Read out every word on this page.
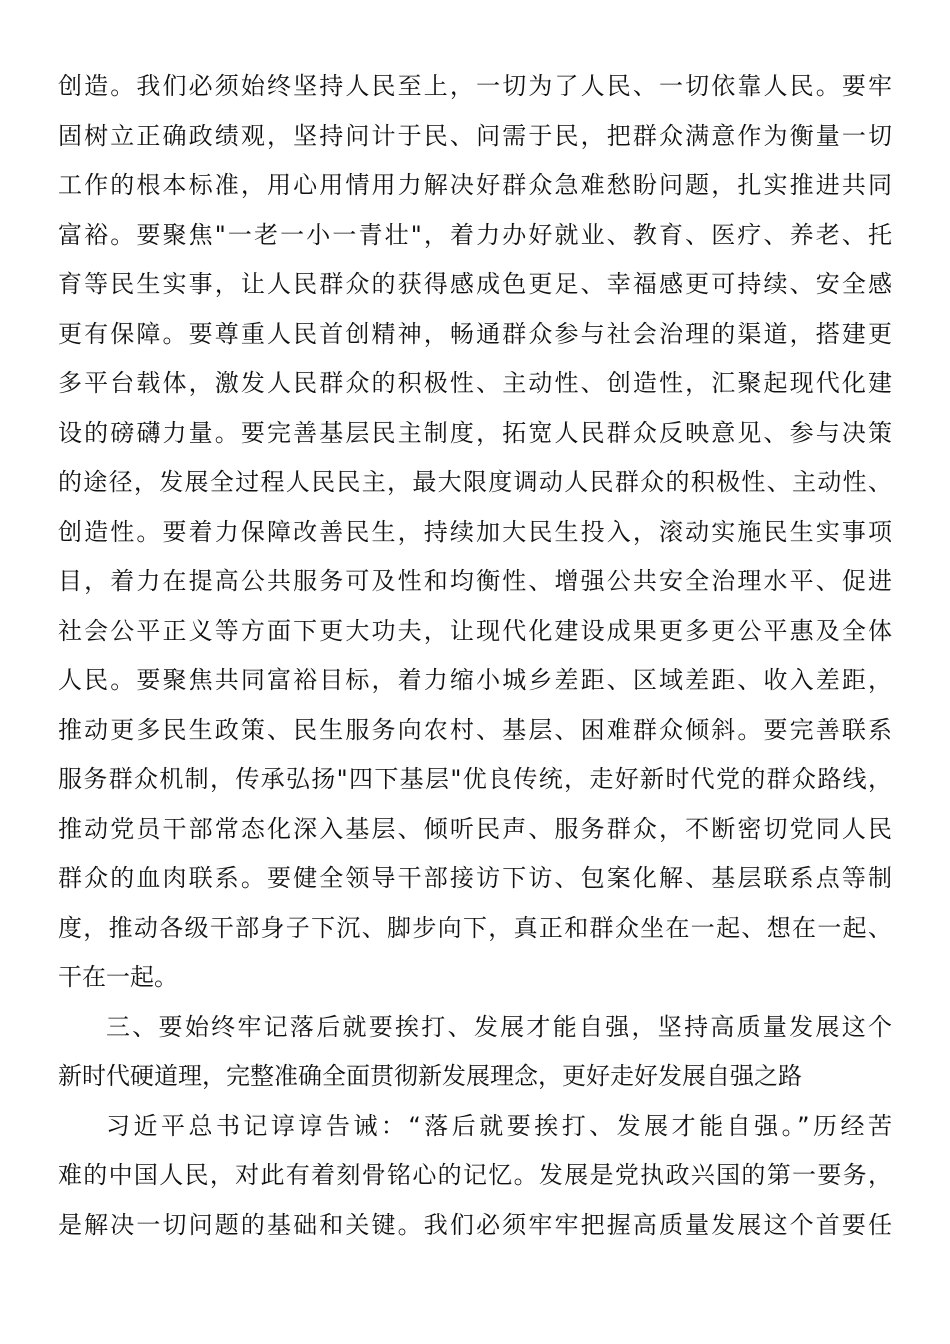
创造。我们必须始终坚持人民至上，一切为了人民、一切依靠人民。要牢
固树立正确政绩观，坚持问计于民、问需于民，把群众满意作为衡量一切
工作的根本标准，用心用情用力解决好群众急难愁盼问题，扎实推进共同
富裕。要聚焦"一老一小一青壮"，着力办好就业、教育、医疗、养老、托
育等民生实事，让人民群众的获得感成色更足、幸福感更可持续、安全感
更有保障。要尊重人民首创精神，畅通群众参与社会治理的渠道，搭建更
多平台载体，激发人民群众的积极性、主动性、创造性，汇聚起现代化建
设的磅礴力量。要完善基层民主制度，拓宽人民群众反映意见、参与决策
的途径，发展全过程人民民主，最大限度调动人民群众的积极性、主动性、
创造性。要着力保障改善民生，持续加大民生投入，滚动实施民生实事项
目，着力在提高公共服务可及性和均衡性、增强公共安全治理水平、促进
社会公平正义等方面下更大功夫，让现代化建设成果更多更公平惠及全体
人民。要聚焦共同富裕目标，着力缩小城乡差距、区域差距、收入差距，
推动更多民生政策、民生服务向农村、基层、困难群众倾斜。要完善联系
服务群众机制，传承弘扬"四下基层"优良传统，走好新时代党的群众路线，
推动党员干部常态化深入基层、倾听民声、服务群众，不断密切党同人民
群众的血肉联系。要健全领导干部接访下访、包案化解、基层联系点等制
度，推动各级干部身子下沉、脚步向下，真正和群众坐在一起、想在一起、
干在一起。
三、要始终牢记落后就要挨打、发展才能自强，坚持高质量发展这个
新时代硬道理，完整准确全面贯彻新发展理念，更好走好发展自强之路
习近平总书记谆谆告诫：“落后就要挨打、发展才能自强。”历经苦
难的中国人民，对此有着刻骨铭心的记忆。发展是党执政兴国的第一要务，
是解决一切问题的基础和关键。我们必须牢牢把握高质量发展这个首要任
